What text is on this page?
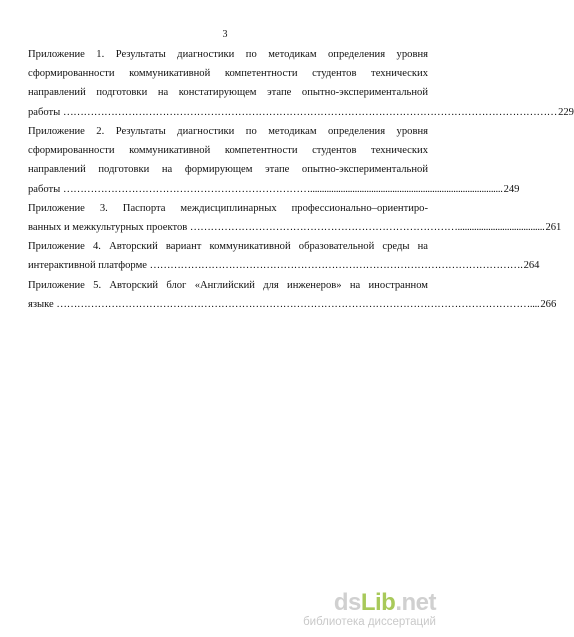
3
Приложение 1. Результаты диагностики по методикам определения уровня
сформированности коммуникативной компетентности студентов технических
направлений подготовки на констатирующем этапе опытно-экспериментальной
работы
……………………………………………………………………………………………………………………………… 229
Приложение 2. Результаты диагностики по методикам определения уровня
сформированности коммуникативной компетентности студентов технических
направлений подготовки на формирующем этапе опытно-экспериментальной
работы
……………………………………………………………….................................................................................. 249
Приложение 3. Паспорта междисциплинарных профессионально–ориентиро-
ванных и межкультурных проектов
……………………………………………………………………..................................... 261
Приложение 4. Авторский вариант коммуникативной образовательной среды на
интерактивной платформе
………………………………………………………………………………………………. 264
Приложение 5. Авторский блог «Английский для инженеров» на иностранном
языке
………………………………………………………………………………………………………………………….... 266
dsLib.net
библиотека диссертаций
